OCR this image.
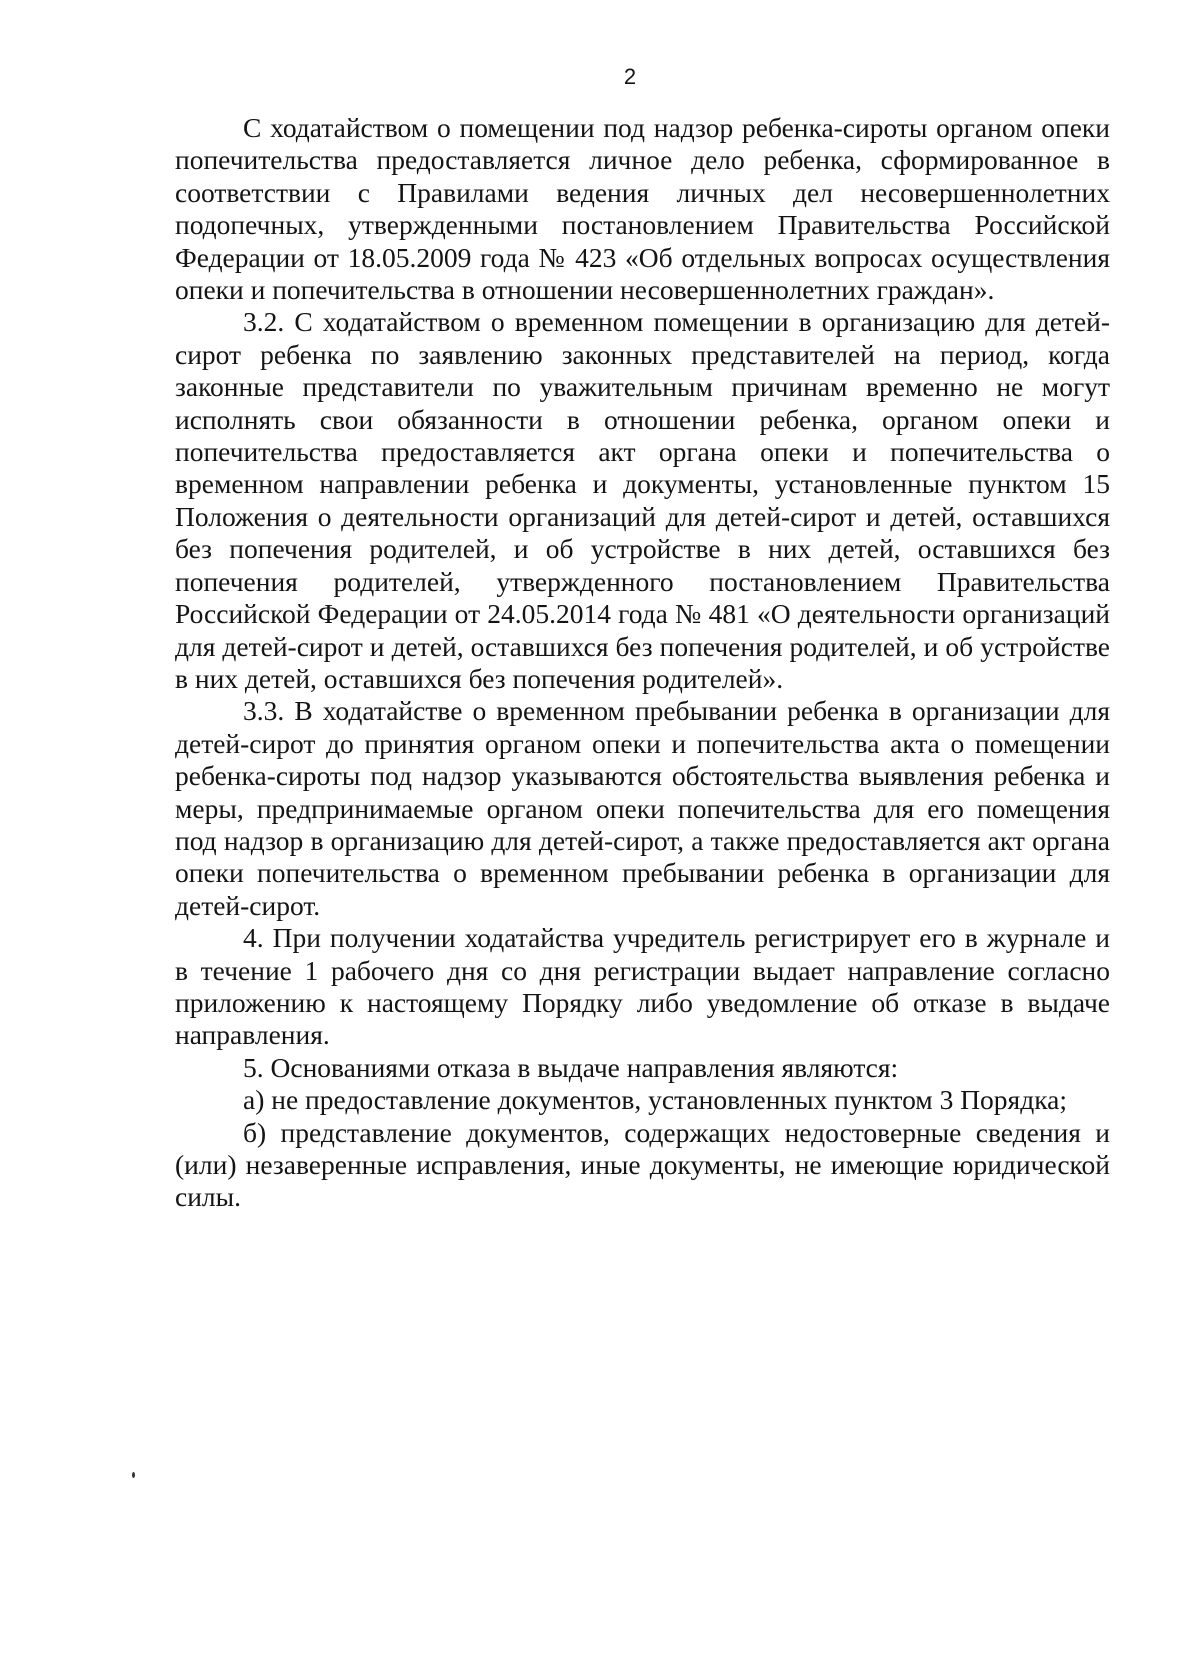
2

С ходатайством о помещении под надзор ребенка-сироты органом опеки попечительства предоставляется личное дело ребенка, сформированное в соответствии с Правилами ведения личных дел несовершеннолетних подопечных, утвержденными постановлением Правительства Российской Федерации от 18.05.2009 года № 423 «Об отдельных вопросах осуществления опеки и попечительства в отношении несовершеннолетних граждан».

3.2. С ходатайством о временном помещении в организацию для детей-сирот ребенка по заявлению законных представителей на период, когда законные представители по уважительным причинам временно не могут исполнять свои обязанности в отношении ребенка, органом опеки и попечительства предоставляется акт органа опеки и попечительства о временном направлении ребенка и документы, установленные пунктом 15 Положения о деятельности организаций для детей-сирот и детей, оставшихся без попечения родителей, и об устройстве в них детей, оставшихся без попечения родителей, утвержденного постановлением Правительства Российской Федерации от 24.05.2014 года № 481 «О деятельности организаций для детей-сирот и детей, оставшихся без попечения родителей, и об устройстве в них детей, оставшихся без попечения родителей».

3.3. В ходатайстве о временном пребывании ребенка в организации для детей-сирот до принятия органом опеки и попечительства акта о помещении ребенка-сироты под надзор указываются обстоятельства выявления ребенка и меры, предпринимаемые органом опеки попечительства для его помещения под надзор в организацию для детей-сирот, а также предоставляется акт органа опеки попечительства о временном пребывании ребенка в организации для детей-сирот.

4. При получении ходатайства учредитель регистрирует его в журнале и в течение 1 рабочего дня со дня регистрации выдает направление согласно приложению к настоящему Порядку либо уведомление об отказе в выдаче направления.

5. Основаниями отказа в выдаче направления являются:

а) не предоставление документов, установленных пунктом 3 Порядка;

б) представление документов, содержащих недостоверные сведения и (или) незаверенные исправления, иные документы, не имеющие юридической силы.
